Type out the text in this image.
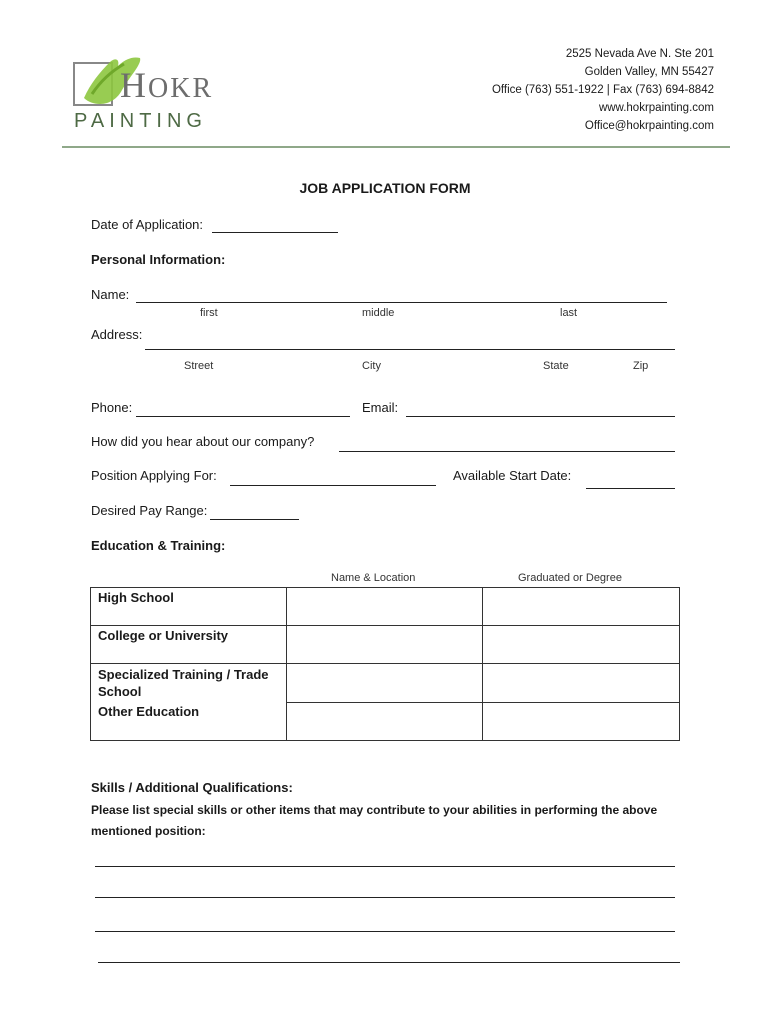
HOKR
PAINTING
2525 Nevada Ave N. Ste 201
Golden Valley, MN 55427
Office (763) 551-1922 | Fax (763) 694-8842
www.hokrpainting.com
Office@hokrpainting.com
JOB APPLICATION FORM
Date of Application:
Personal Information:
Name:
first	middle	last
Address:
Street	City	State	Zip
Phone:	Email:
How did you hear about our company?
Position Applying For:	Available Start Date:
Desired Pay Range:
Education & Training:
Name & Location	Graduated or Degree
High School		
College or University		
Specialized Training / Trade School		
Other Education		
Skills / Additional Qualifications:
Please list special skills or other items that may contribute to your abilities in performing the above mentioned position:
